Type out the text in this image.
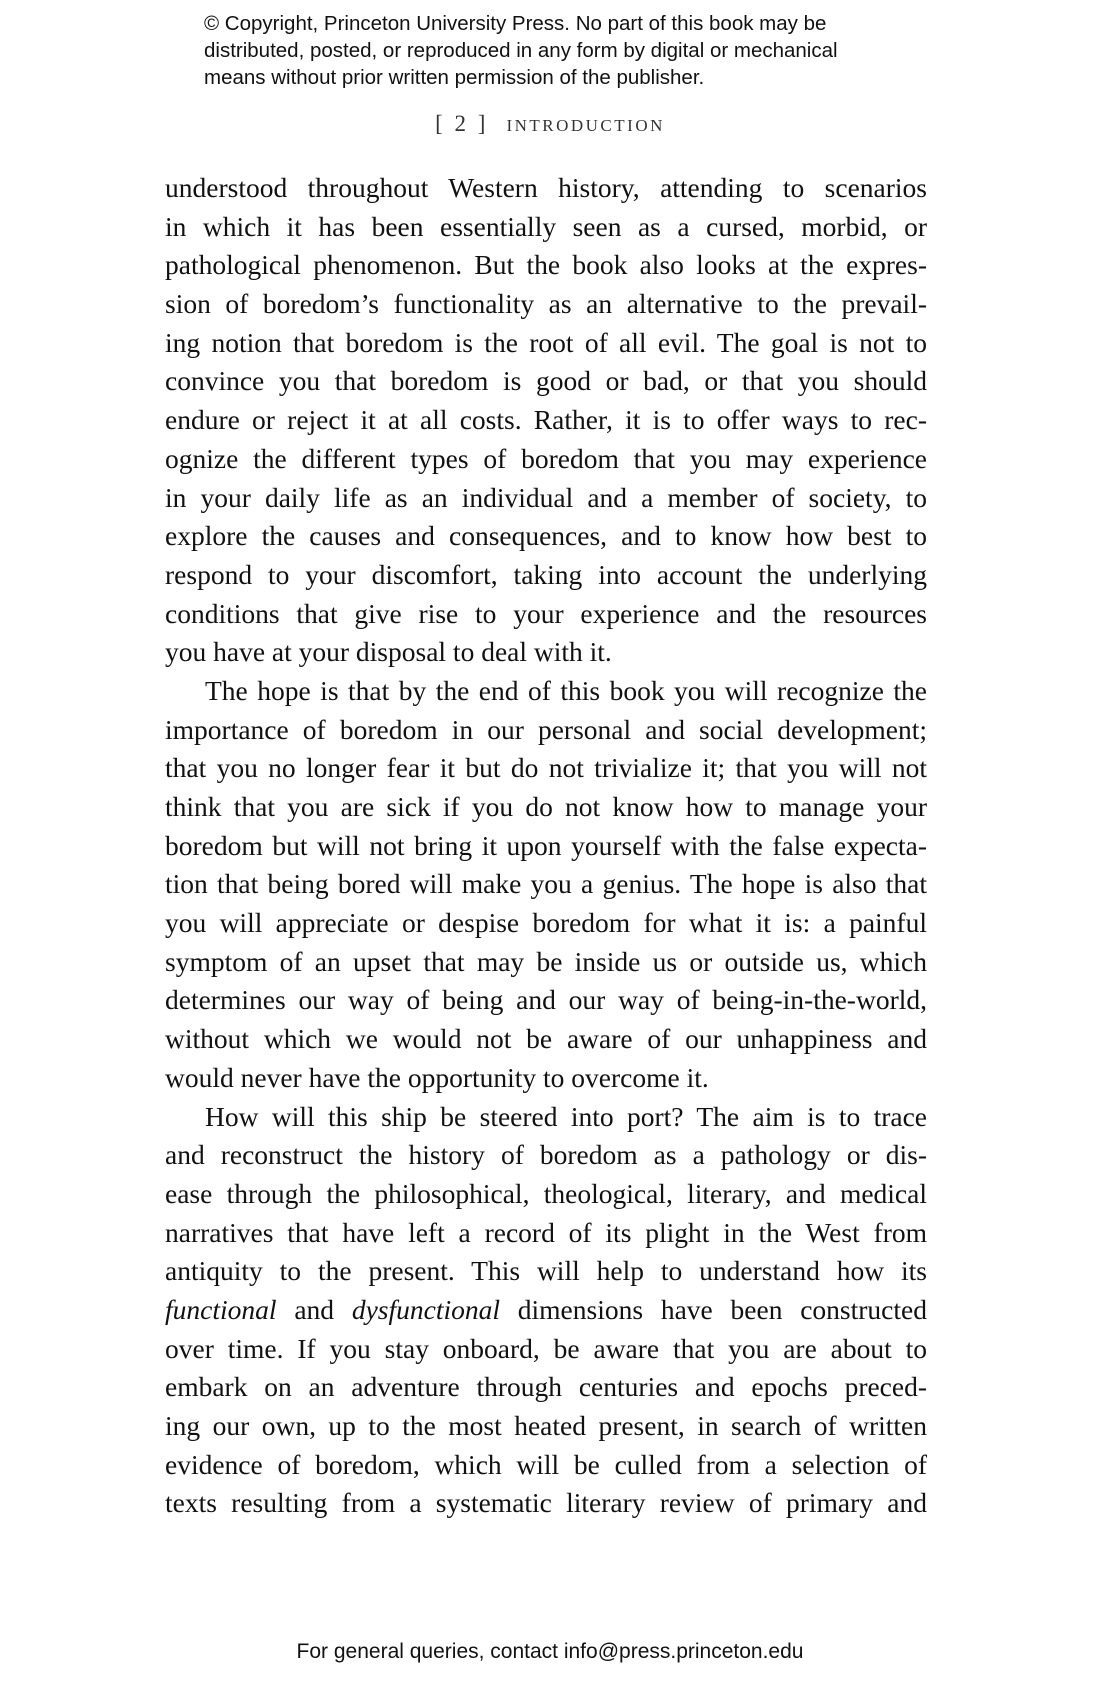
© Copyright, Princeton University Press. No part of this book may be
distributed, posted, or reproduced in any form by digital or mechanical
means without prior written permission of the publisher.
[ 2 ] INTRODUCTION
understood throughout Western history, attending to scenarios
in which it has been essentially seen as a cursed, morbid, or
pathological phenomenon. But the book also looks at the expres-
sion of boredom’s functionality as an alternative to the prevail-
ing notion that boredom is the root of all evil. The goal is not to
convince you that boredom is good or bad, or that you should
endure or reject it at all costs. Rather, it is to offer ways to rec-
ognize the different types of boredom that you may experience
in your daily life as an individual and a member of society, to
explore the causes and consequences, and to know how best to
respond to your discomfort, taking into account the underlying
conditions that give rise to your experience and the resources
you have at your disposal to deal with it.
The hope is that by the end of this book you will recognize the
importance of boredom in our personal and social development;
that you no longer fear it but do not trivialize it; that you will not
think that you are sick if you do not know how to manage your
boredom but will not bring it upon yourself with the false expecta-
tion that being bored will make you a genius. The hope is also that
you will appreciate or despise boredom for what it is: a painful
symptom of an upset that may be inside us or outside us, which
determines our way of being and our way of being-in-the-world,
without which we would not be aware of our unhappiness and
would never have the opportunity to overcome it.
How will this ship be steered into port? The aim is to trace
and reconstruct the history of boredom as a pathology or dis-
ease through the philosophical, theological, literary, and medical
narratives that have left a record of its plight in the West from
antiquity to the present. This will help to understand how its
functional and dysfunctional dimensions have been constructed
over time. If you stay onboard, be aware that you are about to
embark on an adventure through centuries and epochs preced-
ing our own, up to the most heated present, in search of written
evidence of boredom, which will be culled from a selection of
texts resulting from a systematic literary review of primary and
For general queries, contact info@press.princeton.edu
